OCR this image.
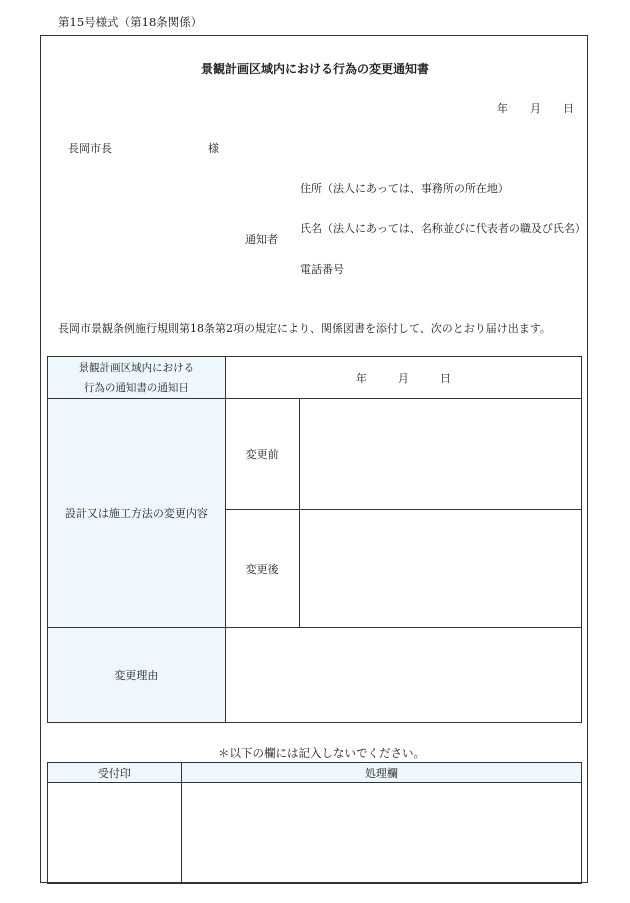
第15号様式（第18条関係）
景観計画区域内における行為の変更通知書
年 月 日
長岡市長	様
住所（法人にあっては、事務所の所在地）
通知者
氏名（法人にあっては、名称並びに代表者の職及び氏名）
電話番号
長岡市景観条例施行規則第18条第2項の規定により、関係図書を添付して、次のとおり届け出ます。
景観計画区域内における
行為の通知書の通知日	年 月 日	
設計又は施工方法の変更内容	変更前	
	変更後	
変更理由		
＊以下の欄には記入しないでください。
受付印	処理欄
